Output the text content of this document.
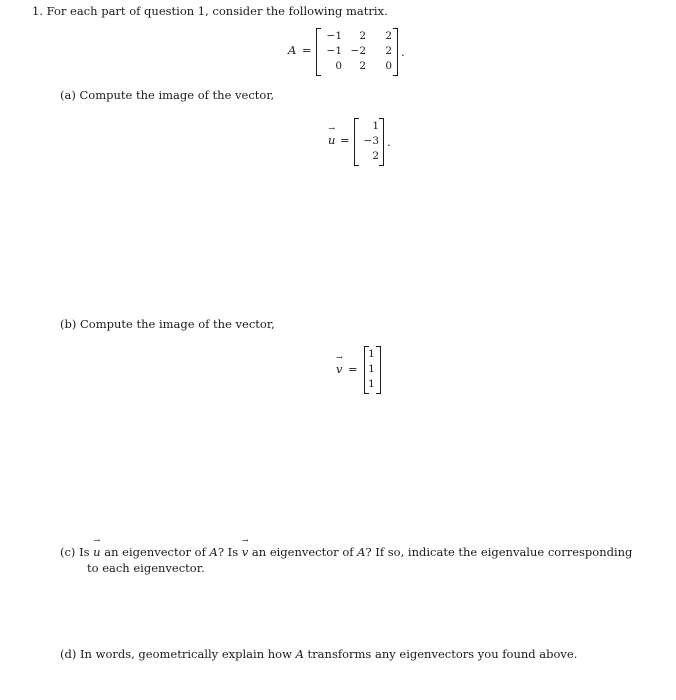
1. For each part of question 1, consider the following matrix.
A =
−1	2	2
−1 −2	2
0	2	0
.
(a) Compute the image of the vector,
→ u =
1
−3
2
.
(b) Compute the image of the vector,
→ v =
1
1
1
(c) Is → u an eigenvector of A? Is → v an eigenvector of A? If so, indicate the eigenvalue corresponding
to each eigenvector.
(d) In words, geometrically explain how A transforms any eigenvectors you found above.
